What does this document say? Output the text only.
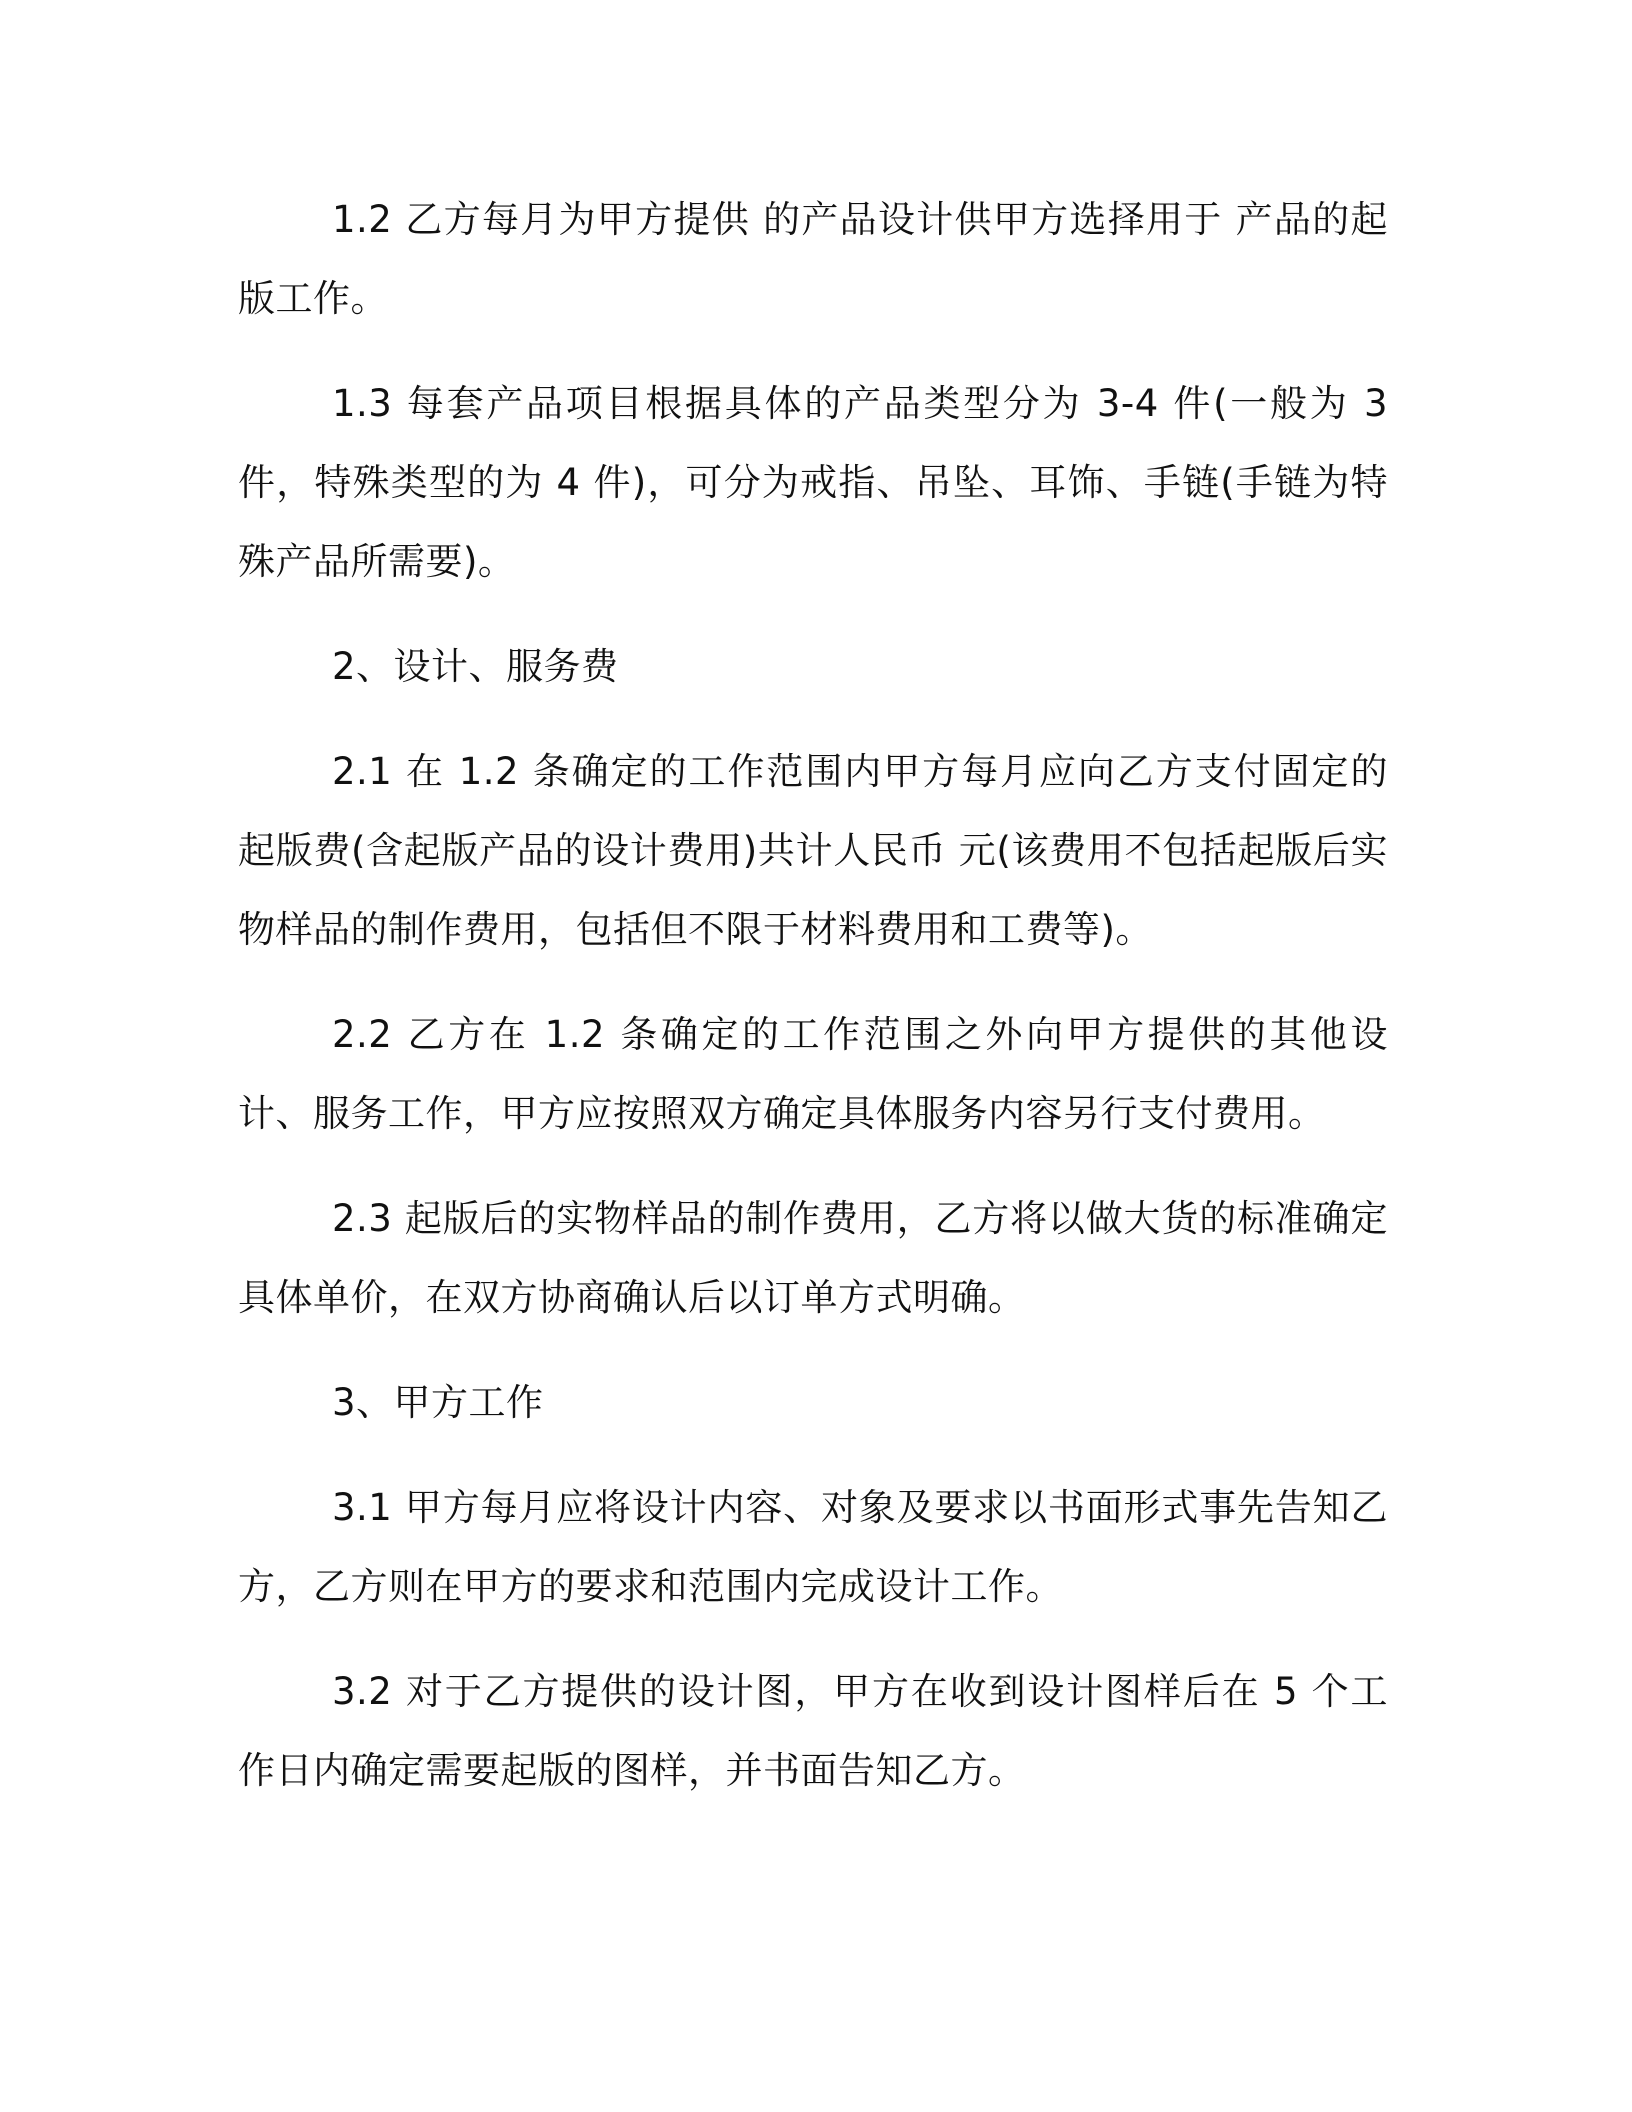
1.2 乙方每月为甲方提供 的产品设计供甲方选择用于 产品的起版工作。

1.3 每套产品项目根据具体的产品类型分为 3-4 件(一般为 3 件，特殊类型的为 4 件)，可分为戒指、吊坠、耳饰、手链(手链为特殊产品所需要)。

2、设计、服务费

2.1 在 1.2 条确定的工作范围内甲方每月应向乙方支付固定的起版费(含起版产品的设计费用)共计人民币 元(该费用不包括起版后实物样品的制作费用，包括但不限于材料费用和工费等)。

2.2 乙方在 1.2 条确定的工作范围之外向甲方提供的其他设计、服务工作，甲方应按照双方确定具体服务内容另行支付费用。

2.3 起版后的实物样品的制作费用，乙方将以做大货的标准确定具体单价，在双方协商确认后以订单方式明确。

3、甲方工作

3.1 甲方每月应将设计内容、对象及要求以书面形式事先告知乙方，乙方则在甲方的要求和范围内完成设计工作。

3.2 对于乙方提供的设计图，甲方在收到设计图样后在 5 个工作日内确定需要起版的图样，并书面告知乙方。
